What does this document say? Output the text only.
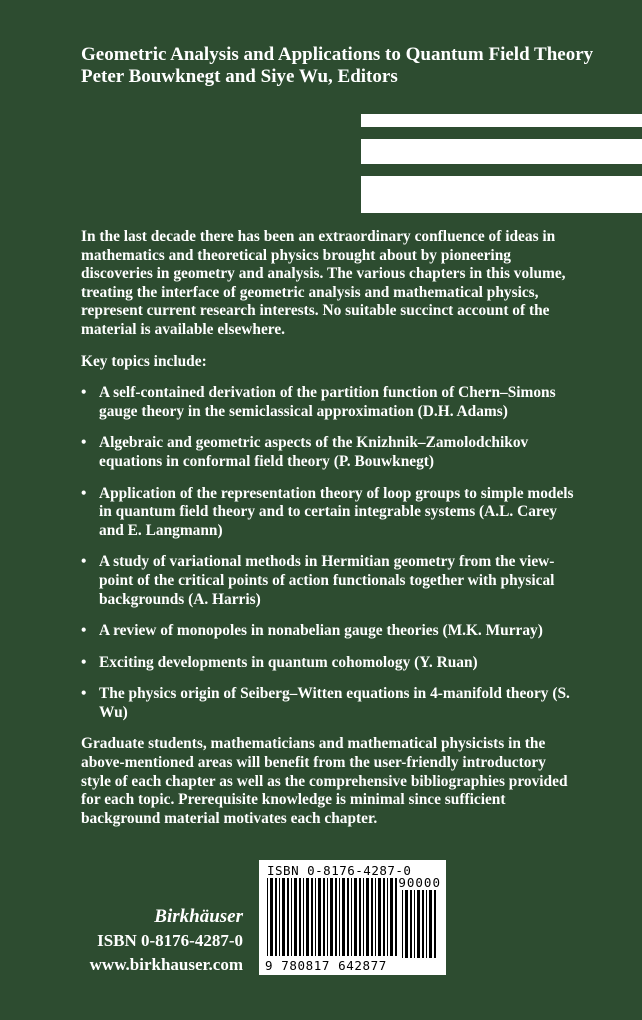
Geometric Analysis and Applications to Quantum Field Theory
Peter Bouwknegt and Siye Wu, Editors

In the last decade there has been an extraordinary confluence of ideas in mathematics and theoretical physics brought about by pioneering discoveries in geometry and analysis. The various chapters in this volume, treating the interface of geometric analysis and mathematical physics, represent current research interests. No suitable succinct account of the material is available elsewhere.

Key topics include:

• A self-contained derivation of the partition function of Chern–Simons gauge theory in the semiclassical approximation (D.H. Adams)
• Algebraic and geometric aspects of the Knizhnik–Zamolodchikov equations in conformal field theory (P. Bouwknegt)
• Application of the representation theory of loop groups to simple models in quantum field theory and to certain integrable systems (A.L. Carey and E. Langmann)
• A study of variational methods in Hermitian geometry from the view-point of the critical points of action functionals together with physical backgrounds (A. Harris)
• A review of monopoles in nonabelian gauge theories (M.K. Murray)
• Exciting developments in quantum cohomology (Y. Ruan)
• The physics origin of Seiberg–Witten equations in 4-manifold theory (S. Wu)

Graduate students, mathematicians and mathematical physicists in the above-mentioned areas will benefit from the user-friendly introductory style of each chapter as well as the comprehensive bibliographies provided for each topic. Prerequisite knowledge is minimal since sufficient background material motivates each chapter.

Birkhäuser
ISBN 0-8176-4287-0
www.birkhauser.com
ISBN 0-8176-4287-0
90000
9 780817 642877
